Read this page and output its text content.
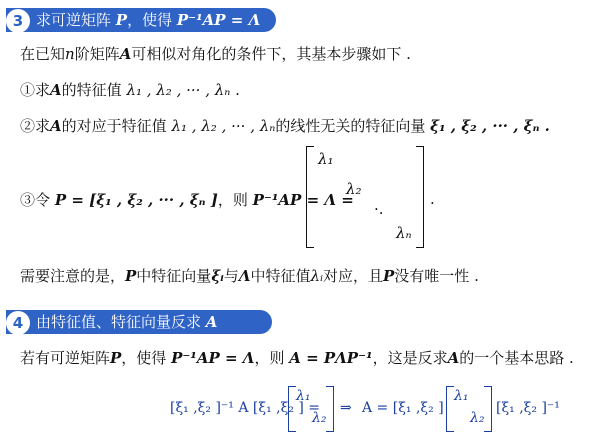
3 求可逆矩阵 P，使得 P⁻¹AP = Λ
在已知n阶矩阵A可相似对角化的条件下，其基本步骤如下 .
①求A的特征值 λ₁ , λ₂ , ··· , λₙ .
②求A的对应于特征值 λ₁ , λ₂ , ··· , λₙ的线性无关的特征向量 ξ₁ , ξ₂ , ··· , ξₙ .
③令 P = [ξ₁ , ξ₂ , ··· , ξₙ ]，则 P⁻¹AP = Λ =
λ₁
λ₂
·.
λₙ
.
需要注意的是，P中特征向量ξᵢ与Λ中特征值λᵢ对应，且P没有唯一性 .
4 由特征值、特征向量反求 A
若有可逆矩阵P，使得 P⁻¹AP = Λ，则 A = PΛP⁻¹，这是反求A的一个基本思路 .
[ξ₁ ,ξ₂ ]⁻¹ A [ξ₁ ,ξ₂ ] =
λ₁
λ₂
⇒ A = [ξ₁ ,ξ₂ ]
λ₁
λ₂
[ξ₁ ,ξ₂ ]⁻¹
